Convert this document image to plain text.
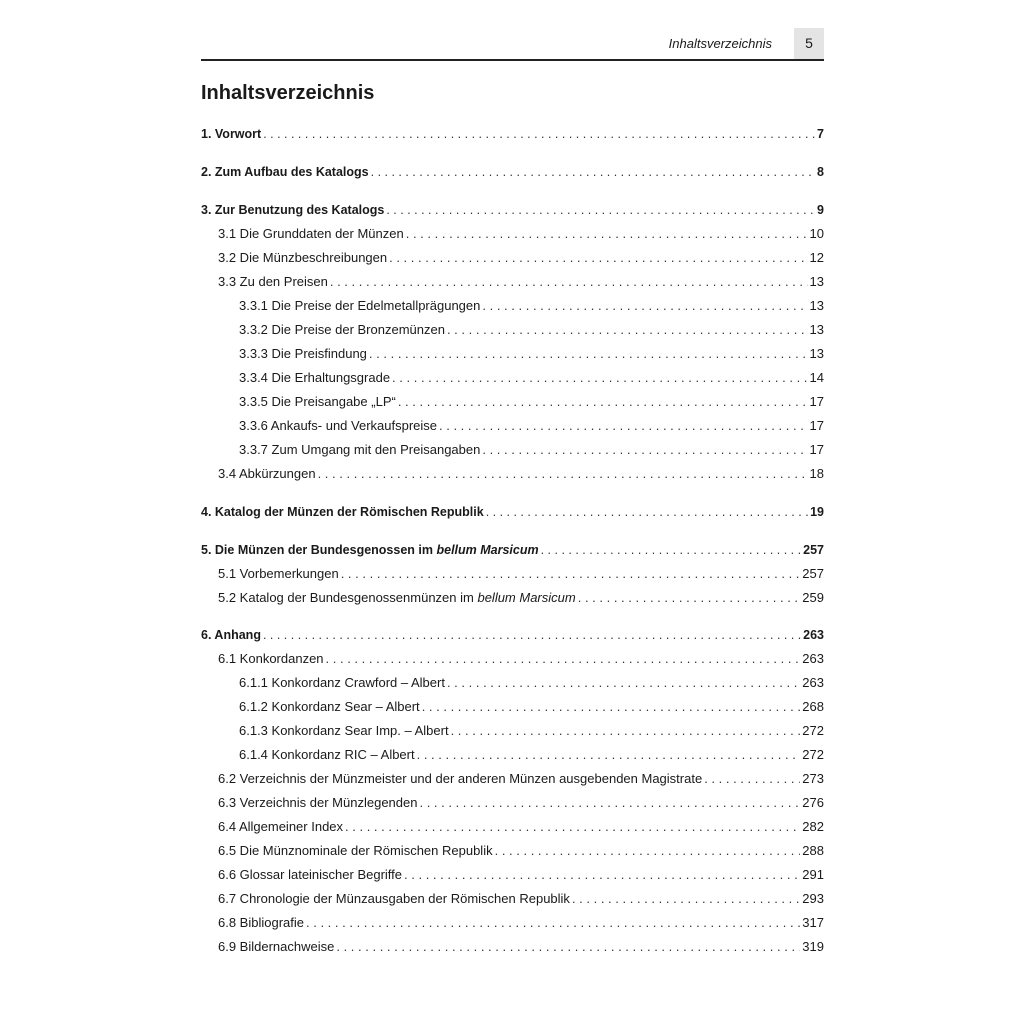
Inhaltsverzeichnis	5
Inhaltsverzeichnis
1. Vorwort . . .	7
2. Zum Aufbau des Katalogs . . .	8
3. Zur Benutzung des Katalogs . . .	9
3.1 Die Grunddaten der Münzen . . .	10
3.2 Die Münzbeschreibungen . . .	12
3.3 Zu den Preisen . . .	13
3.3.1 Die Preise der Edelmetallprägungen . . .	13
3.3.2 Die Preise der Bronzemünzen . . .	13
3.3.3 Die Preisfindung . . .	13
3.3.4 Die Erhaltungsgrade . . .	14
3.3.5 Die Preisangabe „LP“ . . .	17
3.3.6 Ankaufs- und Verkaufspreise . . .	17
3.3.7 Zum Umgang mit den Preisangaben . . .	17
3.4 Abkürzungen . . .	18
4. Katalog der Münzen der Römischen Republik . . .	19
5. Die Münzen der Bundesgenossen im bellum Marsicum . . .	257
5.1 Vorbemerkungen . . .	257
5.2 Katalog der Bundesgenossenmünzen im bellum Marsicum . . .	259
6. Anhang . . .	263
6.1 Konkordanzen . . .	263
6.1.1 Konkordanz Crawford – Albert . . .	263
6.1.2 Konkordanz Sear – Albert . . .	268
6.1.3 Konkordanz Sear Imp. – Albert . . .	272
6.1.4 Konkordanz RIC – Albert . . .	272
6.2 Verzeichnis der Münzmeister und der anderen Münzen ausgebenden Magistrate . . .	273
6.3 Verzeichnis der Münzlegenden . . .	276
6.4 Allgemeiner Index . . .	282
6.5 Die Münznominale der Römischen Republik . . .	288
6.6 Glossar lateinischer Begriffe . . .	291
6.7 Chronologie der Münzausgaben der Römischen Republik . . .	293
6.8 Bibliografie . . .	317
6.9 Bildernachweise . . .	319
